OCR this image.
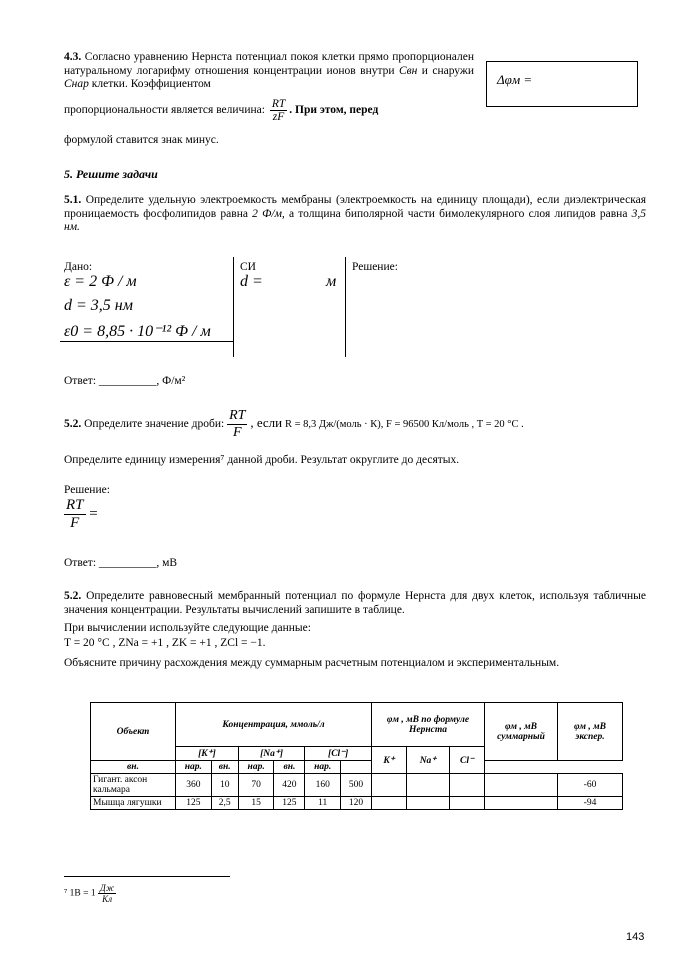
4.3. Согласно уравнению Нернста потенциал покоя клетки прямо пропорционален натуральному логарифму отношения концентрации ионов внутри Cвн и снаружи Cнар клетки. Коэффициентом
пропорциональности является величина: $\frac{RT}{zF}$ . При этом, перед
формулой ставится знак минус.
Δφм =
5. Решите задачи
5.1. Определите удельную электроемкость мембраны (электроемкость на единицу площади), если диэлектрическая проницаемость фосфолипидов равна 2 Ф/м, а толщина биполярной части бимолекулярного слоя липидов равна 3,5 нм.
Дано:
ε = 2 Ф / м
d = 3,5 нм
ε0 = 8,85 · 10⁻¹² Ф / м
СИ
d =	м
Решение:
Ответ: __________, Ф/м²
5.2. Определите значение дроби: $\frac{RT}{F}$ , если R = 8,3 Дж/(моль · К), F = 96500 Кл/моль , T = 20 °C .
Определите единицу измерения⁷ данной дроби. Результат округлите до десятых.
Решение:
$\frac{RT}{F}$ =
Ответ: __________, мВ
5.2. Определите равновесный мембранный потенциал по формуле Нернста для двух клеток, используя табличные значения концентрации. Результаты вычислений запишите в таблице.
При вычислении используйте следующие данные:
T = 20 °C , ZNa = +1 , ZK = +1 , ZCl = −1.
Объясните причину расхождения между суммарным расчетным потенциалом и экспериментальным.
Объект	Концентрация, ммоль/л						φм , мВ по формуле Нернста			φм , мВ суммарный	φм , мВ экспер.

	[K⁺]		[Na⁺]		[Cl⁻]		K⁺	Na⁺	Cl⁻		
вн.	нар.	вн.	нар.	вн.	нар.						
Гигант. аксон кальмара	360	10	70	420	160	500					-60
Мышца лягушки	125	2,5	15	125	11	120					-94
⁷ $1В = 1 \frac{Дж}{Кл}$
143
